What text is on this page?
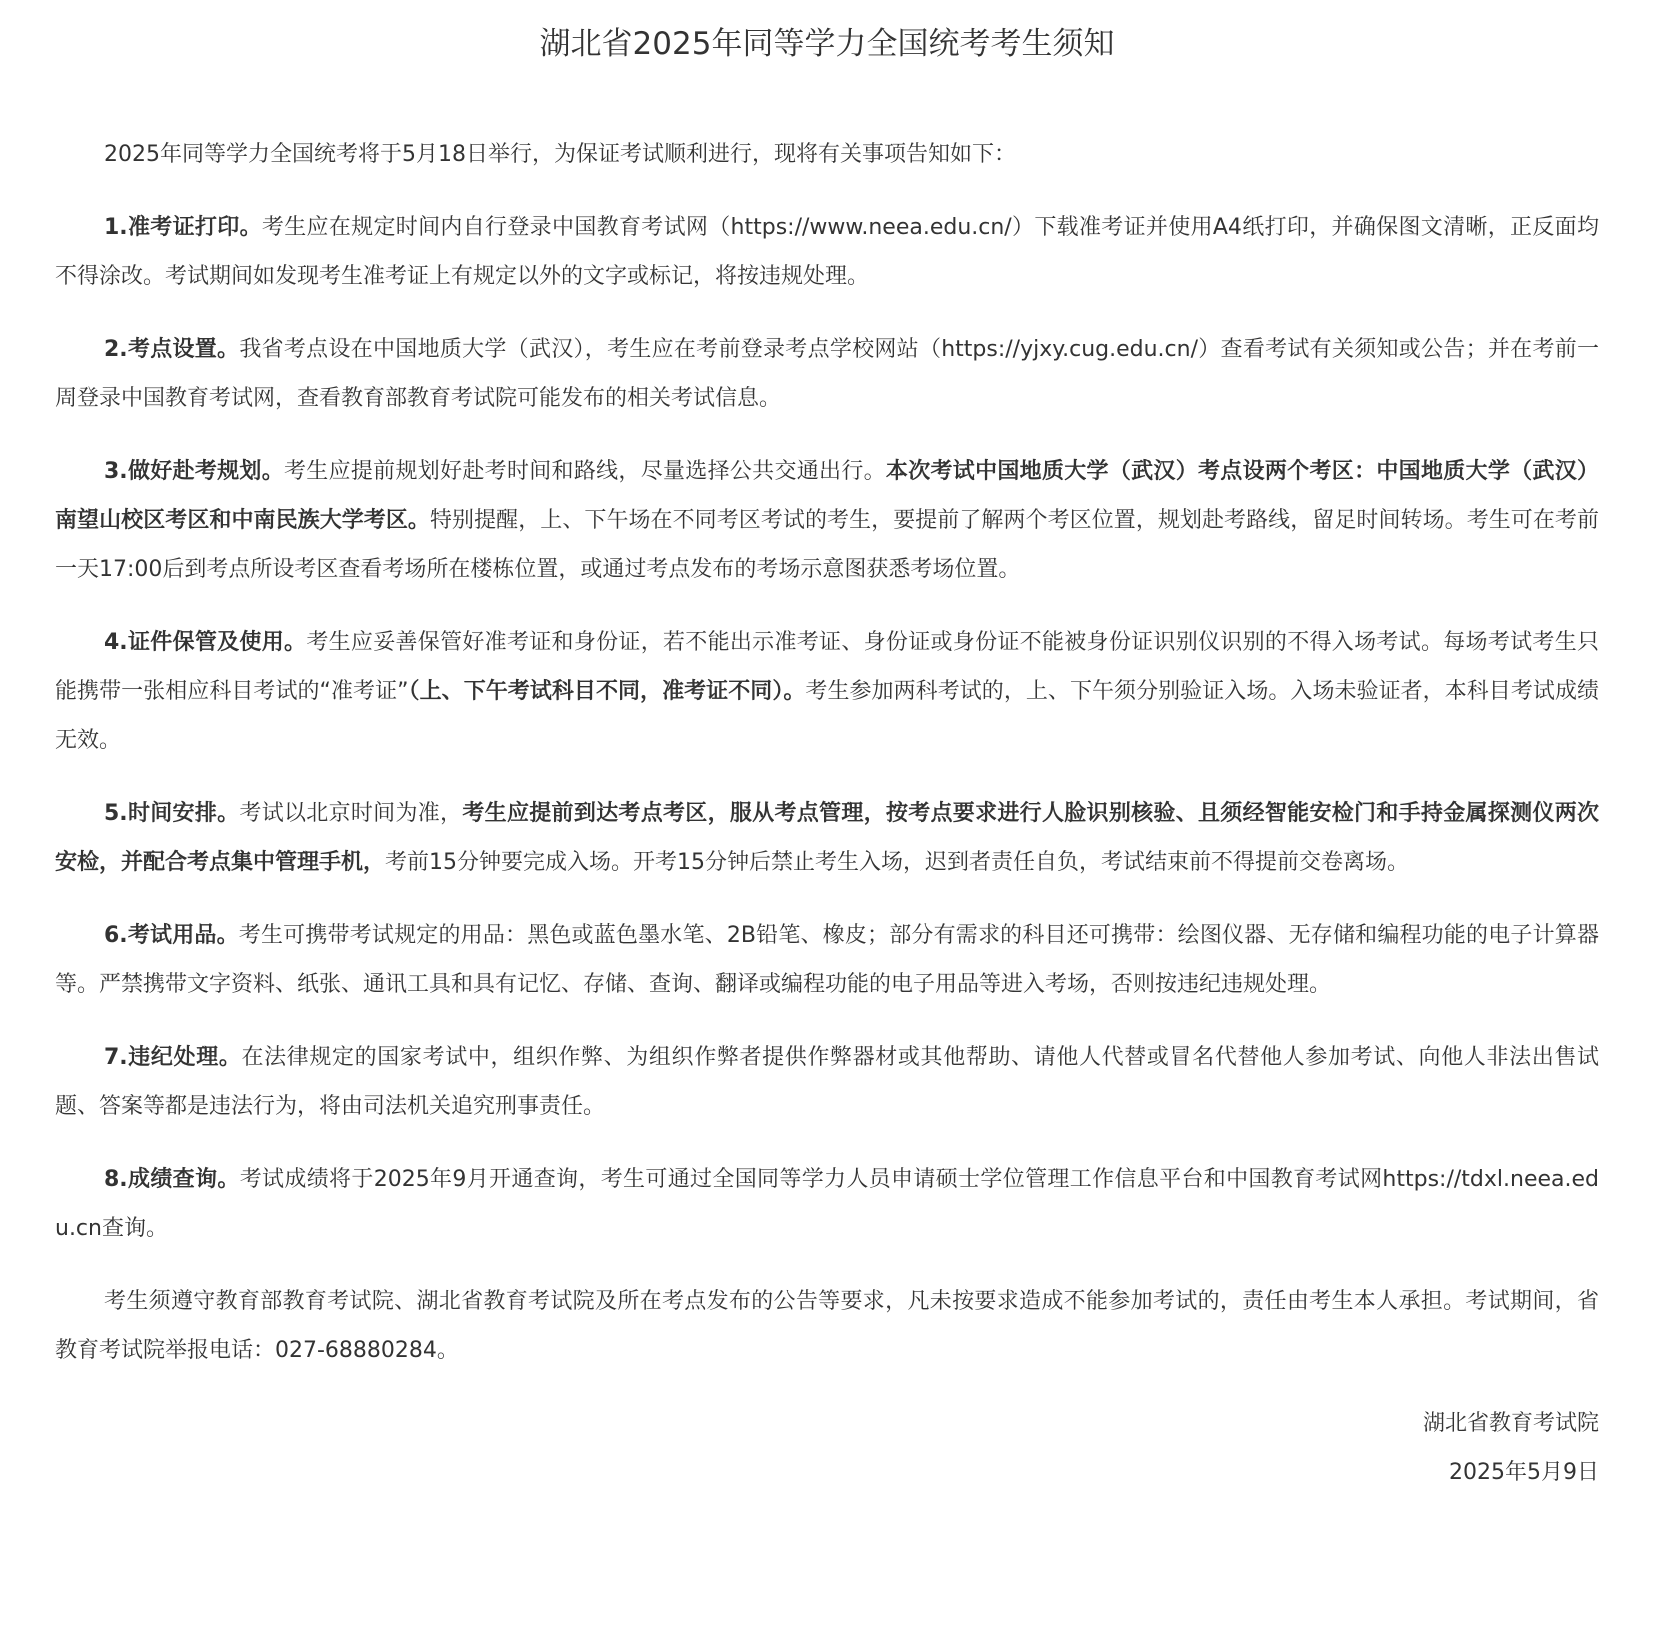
湖北省2025年同等学力全国统考考生须知

2025年同等学力全国统考将于5月18日举行，为保证考试顺利进行，现将有关事项告知如下：

1.准考证打印。考生应在规定时间内自行登录中国教育考试网（https://www.neea.edu.cn/）下载准考证并使用A4纸打印，并确保图文清晰，正反面均不得涂改。考试期间如发现考生准考证上有规定以外的文字或标记，将按违规处理。

2.考点设置。我省考点设在中国地质大学（武汉），考生应在考前登录考点学校网站（https://yjxy.cug.edu.cn/）查看考试有关须知或公告；并在考前一周登录中国教育考试网，查看教育部教育考试院可能发布的相关考试信息。

3.做好赴考规划。考生应提前规划好赴考时间和路线，尽量选择公共交通出行。本次考试中国地质大学（武汉）考点设两个考区：中国地质大学（武汉）南望山校区考区和中南民族大学考区。特别提醒，上、下午场在不同考区考试的考生，要提前了解两个考区位置，规划赴考路线，留足时间转场。考生可在考前一天17:00后到考点所设考区查看考场所在楼栋位置，或通过考点发布的考场示意图获悉考场位置。

4.证件保管及使用。考生应妥善保管好准考证和身份证，若不能出示准考证、身份证或身份证不能被身份证识别仪识别的不得入场考试。每场考试考生只能携带一张相应科目考试的“准考证”（上、下午考试科目不同，准考证不同）。考生参加两科考试的，上、下午须分别验证入场。入场未验证者，本科目考试成绩无效。

5.时间安排。考试以北京时间为准，考生应提前到达考点考区，服从考点管理，按考点要求进行人脸识别核验、且须经智能安检门和手持金属探测仪两次安检，并配合考点集中管理手机，考前15分钟要完成入场。开考15分钟后禁止考生入场，迟到者责任自负，考试结束前不得提前交卷离场。

6.考试用品。考生可携带考试规定的用品：黑色或蓝色墨水笔、2B铅笔、橡皮；部分有需求的科目还可携带：绘图仪器、无存储和编程功能的电子计算器等。严禁携带文字资料、纸张、通讯工具和具有记忆、存储、查询、翻译或编程功能的电子用品等进入考场，否则按违纪违规处理。

7.违纪处理。在法律规定的国家考试中，组织作弊、为组织作弊者提供作弊器材或其他帮助、请他人代替或冒名代替他人参加考试、向他人非法出售试题、答案等都是违法行为，将由司法机关追究刑事责任。

8.成绩查询。考试成绩将于2025年9月开通查询，考生可通过全国同等学力人员申请硕士学位管理工作信息平台和中国教育考试网https://tdxl.neea.edu.cn查询。

考生须遵守教育部教育考试院、湖北省教育考试院及所在考点发布的公告等要求，凡未按要求造成不能参加考试的，责任由考生本人承担。考试期间，省教育考试院举报电话：027-68880284。

湖北省教育考试院

2025年5月9日
